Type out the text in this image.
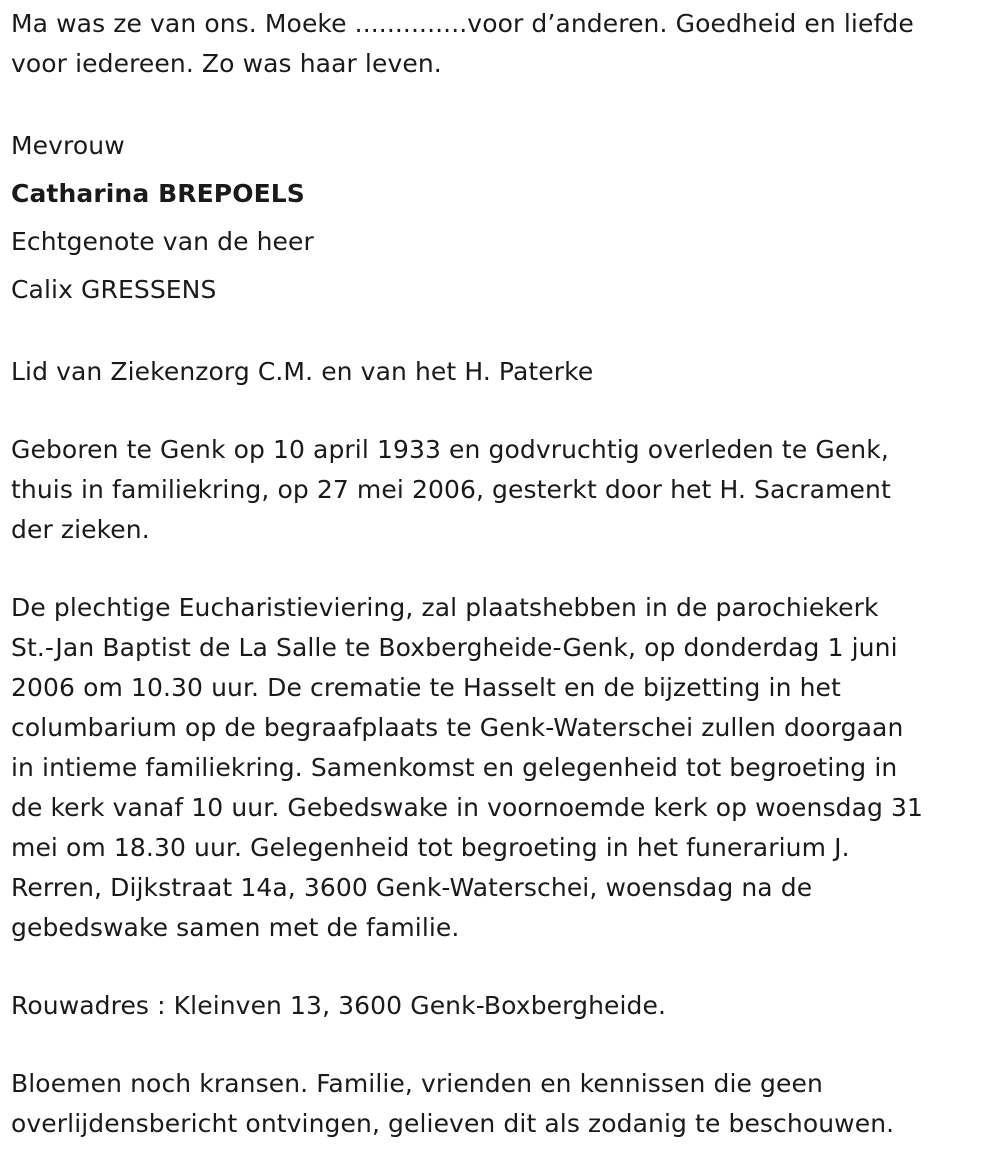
Ma was ze van ons. Moeke ..............voor d’anderen. Goedheid en liefde
voor iedereen. Zo was haar leven.

Mevrouw
Catharina BREPOELS
Echtgenote van de heer
Calix GRESSENS

Lid van Ziekenzorg C.M. en van het H. Paterke

Geboren te Genk op 10 april 1933 en godvruchtig overleden te Genk,
thuis in familiekring, op 27 mei 2006, gesterkt door het H. Sacrament
der zieken.

De plechtige Eucharistieviering, zal plaatshebben in de parochiekerk
St.-Jan Baptist de La Salle te Boxbergheide-Genk, op donderdag 1 juni
2006 om 10.30 uur. De crematie te Hasselt en de bijzetting in het
columbarium op de begraafplaats te Genk-Waterschei zullen doorgaan
in intieme familiekring. Samenkomst en gelegenheid tot begroeting in
de kerk vanaf 10 uur. Gebedswake in voornoemde kerk op woensdag 31
mei om 18.30 uur. Gelegenheid tot begroeting in het funerarium J.
Rerren, Dijkstraat 14a, 3600 Genk-Waterschei, woensdag na de
gebedswake samen met de familie.

Rouwadres : Kleinven 13, 3600 Genk-Boxbergheide.

Bloemen noch kransen. Familie, vrienden en kennissen die geen
overlijdensbericht ontvingen, gelieven dit als zodanig te beschouwen.
